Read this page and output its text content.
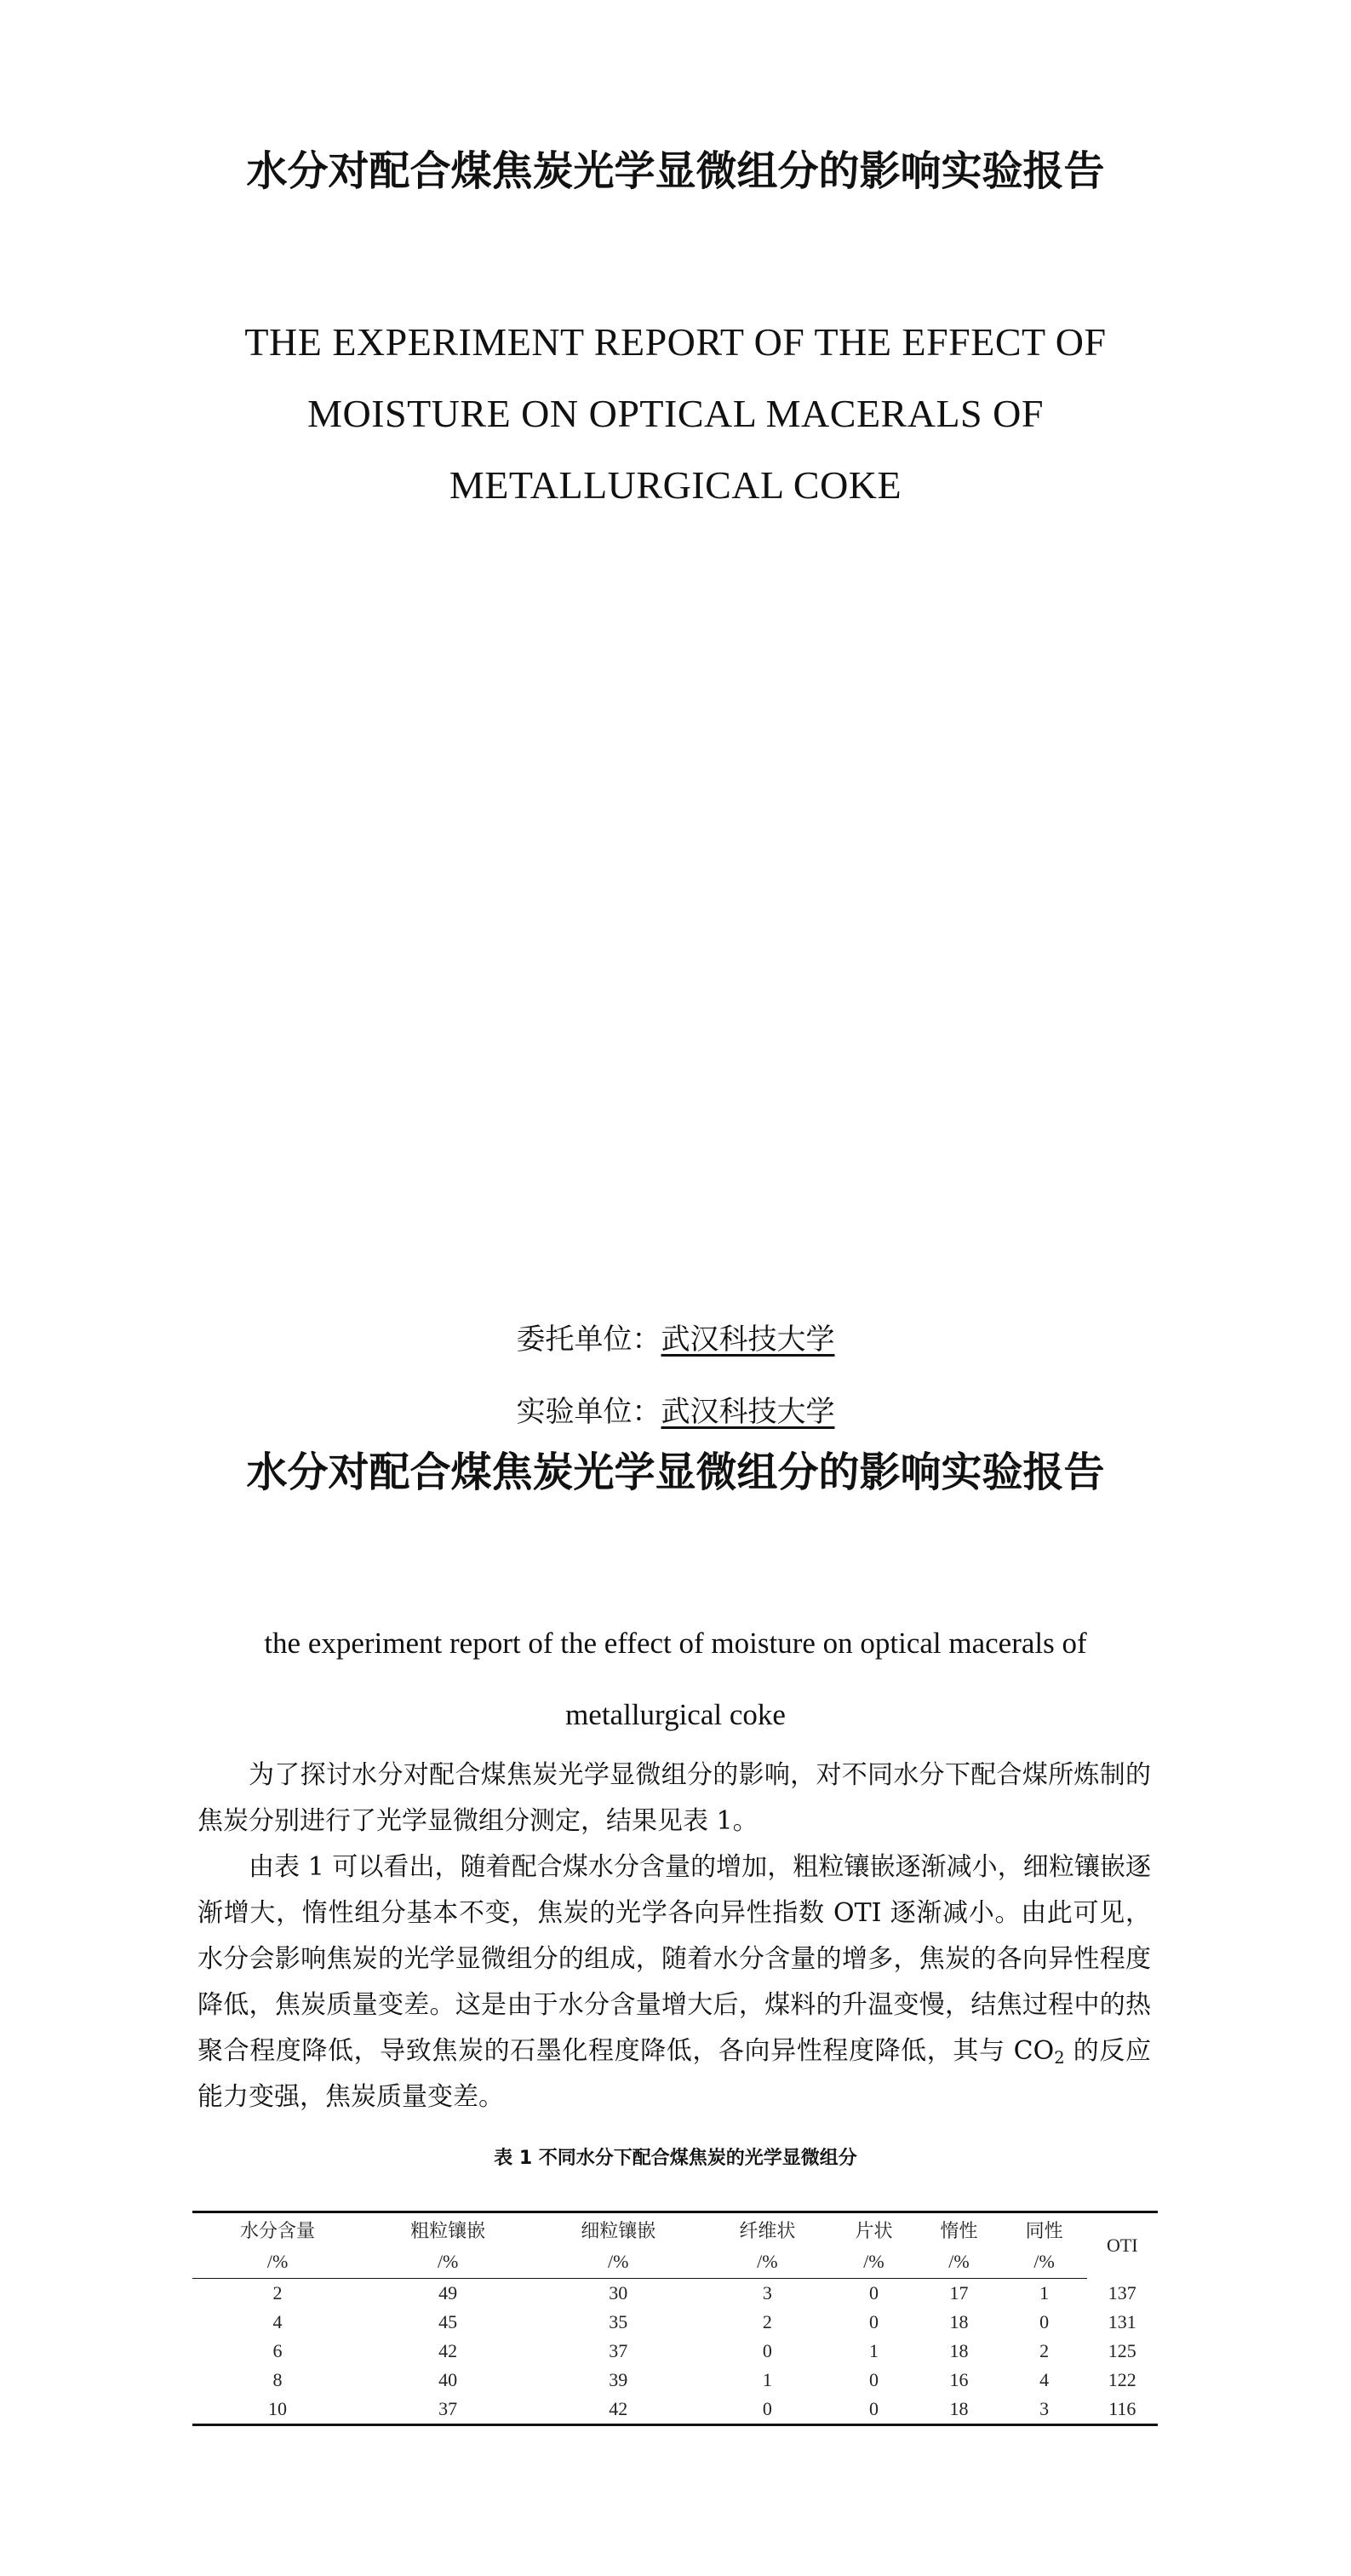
水分对配合煤焦炭光学显微组分的影响实验报告
THE EXPERIMENT REPORT OF THE EFFECT OF MOISTURE ON OPTICAL MACERALS OF METALLURGICAL COKE
委托单位：武汉科技大学
实验单位：武汉科技大学
水分对配合煤焦炭光学显微组分的影响实验报告
the experiment report of the effect of moisture on optical macerals of metallurgical coke
为了探讨水分对配合煤焦炭光学显微组分的影响，对不同水分下配合煤所炼制的焦炭分别进行了光学显微组分测定，结果见表 1。
由表 1 可以看出，随着配合煤水分含量的增加，粗粒镶嵌逐渐减小，细粒镶嵌逐渐增大，惰性组分基本不变，焦炭的光学各向异性指数 OTI 逐渐减小。由此可见，水分会影响焦炭的光学显微组分的组成，随着水分含量的增多，焦炭的各向异性程度降低，焦炭质量变差。这是由于水分含量增大后，煤料的升温变慢，结焦过程中的热聚合程度降低，导致焦炭的石墨化程度降低，各向异性程度降低，其与 $CO_2$ 的反应能力变强，焦炭质量变差。
表 1 不同水分下配合煤焦炭的光学显微组分
水分含量	粗粒镶嵌	细粒镶嵌	纤维状	片状	惰性	同性	OTI
/%	/%	/%	/%	/%	/%	/%	
2	49	30	3	0	17	1	137
4	45	35	2	0	18	0	131
6	42	37	0	1	18	2	125
8	40	39	1	0	16	4	122
10	37	42	0	0	18	3	116
